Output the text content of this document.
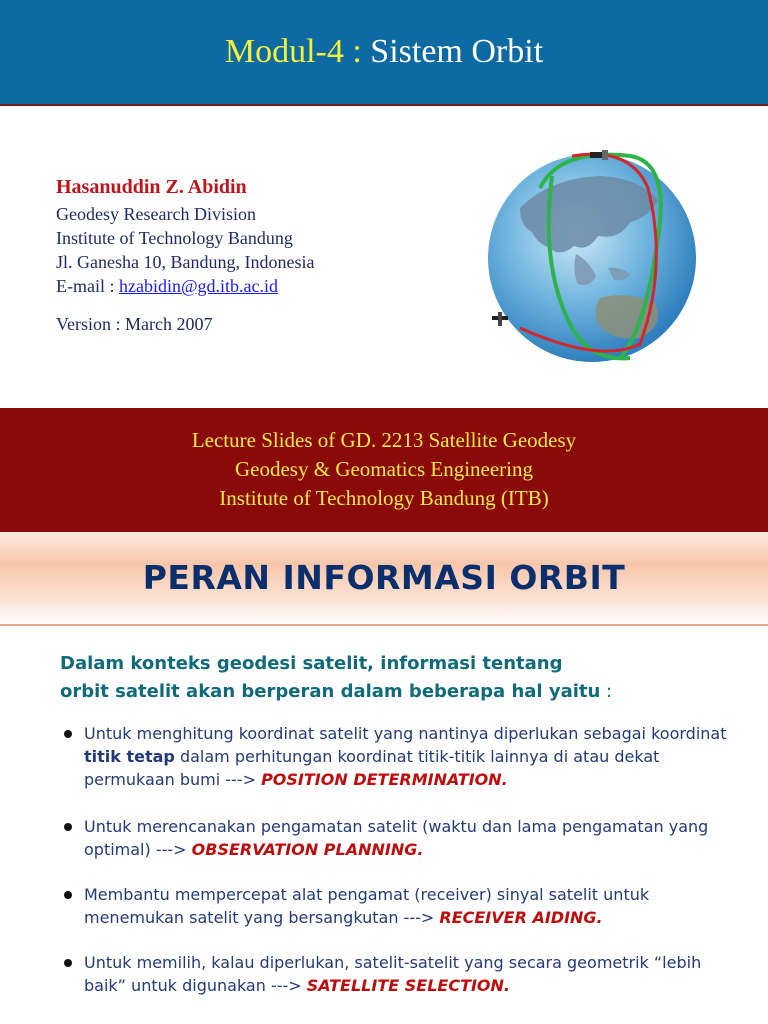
Modul-4 : Sistem Orbit

Hasanuddin Z. Abidin

Geodesy Research Division

Institute of Technology Bandung

Jl. Ganesha 10, Bandung, Indonesia

E-mail : hzabidin@gd.itb.ac.id

Version : March 2007

Lecture Slides of GD. 2213 Satellite Geodesy

Geodesy & Geomatics Engineering

Institute of Technology Bandung (ITB)

PERAN INFORMASI ORBIT
Dalam konteks geodesi satelit, informasi tentang
orbit satelit akan berperan dalam beberapa hal yaitu :
Untuk menghitung koordinat satelit yang nantinya diperlukan sebagai koordinat titik tetap dalam perhitungan koordinat titik-titik lainnya di atau dekat permukaan bumi ---> POSITION DETERMINATION.
Untuk merencanakan pengamatan satelit (waktu dan lama pengamatan yang optimal) ---> OBSERVATION PLANNING.
Membantu mempercepat alat pengamat (receiver) sinyal satelit untuk menemukan satelit yang bersangkutan ---> RECEIVER AIDING.
Untuk memilih, kalau diperlukan, satelit-satelit yang secara geometrik “lebih baik” untuk digunakan ---> SATELLITE SELECTION.
